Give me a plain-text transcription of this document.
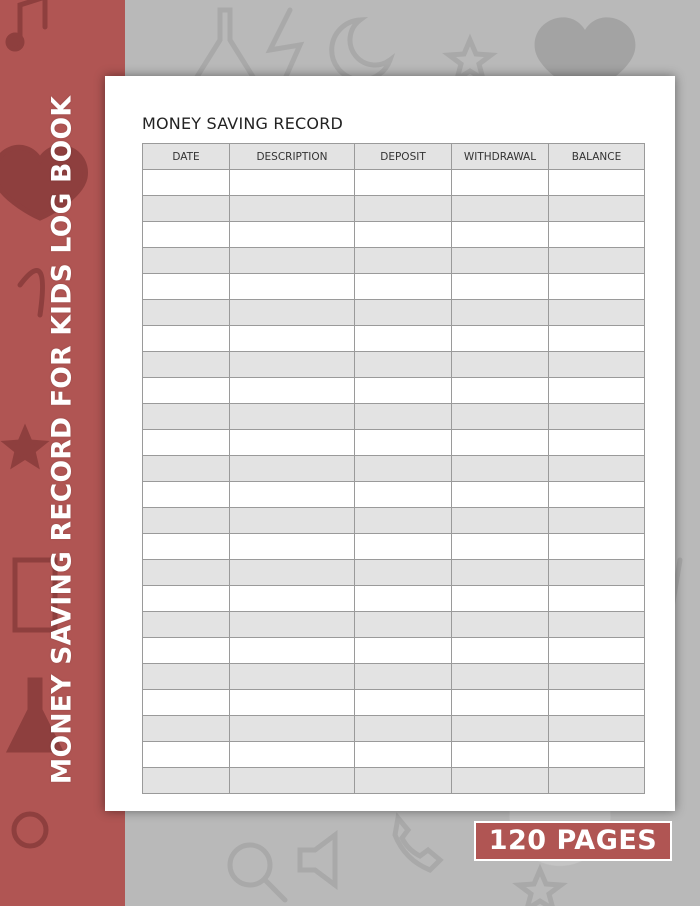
MONEY SAVING RECORD FOR KIDS LOG BOOK	MONEY SAVING RECORD
DATE	DESCRIPTION	DEPOSIT	WITHDRAWAL	BALANCE

120 PAGES
